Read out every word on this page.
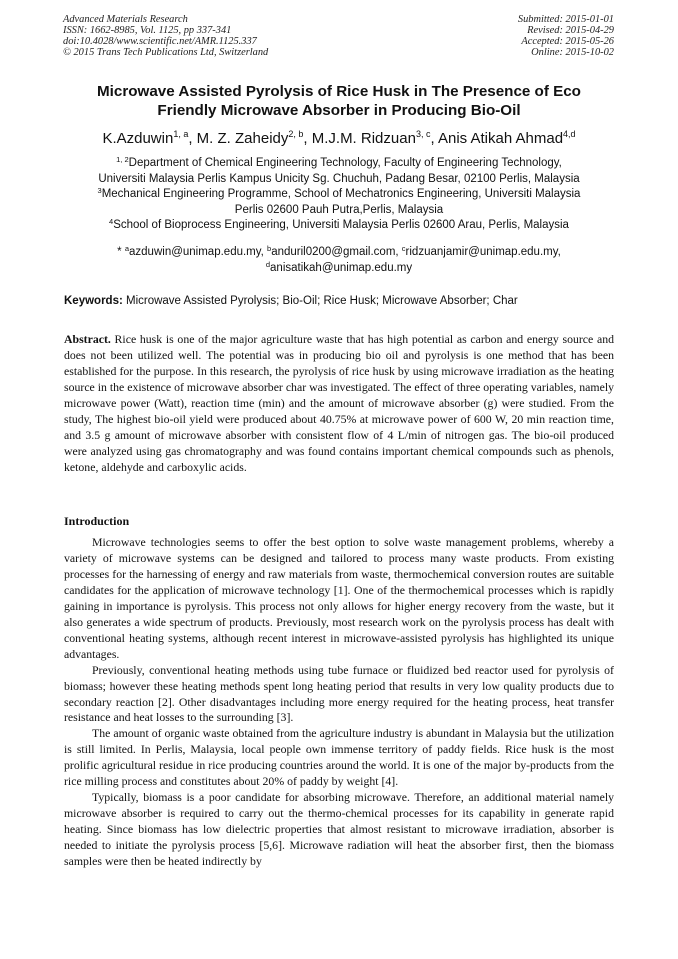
Advanced Materials Research
ISSN: 1662-8985, Vol. 1125, pp 337-341
doi:10.4028/www.scientific.net/AMR.1125.337
© 2015 Trans Tech Publications Ltd, Switzerland
Submitted: 2015-01-01
Revised: 2015-04-29
Accepted: 2015-05-26
Online: 2015-10-02
Microwave Assisted Pyrolysis of Rice Husk in The Presence of Eco
Friendly Microwave Absorber in Producing Bio-Oil
K.Azduwin$^{1, a}$, M. Z. Zaheidy$^{2, b}$, M.J.M. Ridzuan$^{3, c}$, Anis Atikah Ahmad$^{4,d}$
$^{1, 2}$Department of Chemical Engineering Technology, Faculty of Engineering Technology,
Universiti Malaysia Perlis Kampus Unicity Sg. Chuchuh, Padang Besar, 02100 Perlis, Malaysia
$^3$Mechanical Engineering Programme, School of Mechatronics Engineering, Universiti Malaysia
Perlis 02600 Pauh Putra,Perlis, Malaysia
$^4$School of Bioprocess Engineering, Universiti Malaysia Perlis 02600 Arau, Perlis, Malaysia
* $^a$azduwin@unimap.edu.my, $^b$anduril0200@gmail.com, $^c$ridzuanjamir@unimap.edu.my,
$^d$anisatikah@unimap.edu.my
Keywords: Microwave Assisted Pyrolysis; Bio-Oil; Rice Husk; Microwave Absorber; Char
Abstract. Rice husk is one of the major agriculture waste that has high potential as carbon and energy source and does not been utilized well. The potential was in producing bio oil and pyrolysis is one method that has been established for the purpose. In this research, the pyrolysis of rice husk by using microwave irradiation as the heating source in the existence of microwave absorber char was investigated. The effect of three operating variables, namely microwave power (Watt), reaction time (min) and the amount of microwave absorber (g) were studied. From the study, The highest bio-oil yield were produced about 40.75% at microwave power of 600 W, 20 min reaction time, and 3.5 g amount of microwave absorber with consistent flow of 4 L/min of nitrogen gas. The bio-oil produced were analyzed using gas chromatography and was found contains important chemical compounds such as phenols, ketone, aldehyde and carboxylic acids.
Introduction

Microwave technologies seems to offer the best option to solve waste management problems, whereby a variety of microwave systems can be designed and tailored to process many waste products. From existing processes for the harnessing of energy and raw materials from waste, thermochemical conversion routes are suitable candidates for the application of microwave technology [1]. One of the thermochemical processes which is rapidly gaining in importance is pyrolysis. This process not only allows for higher energy recovery from the waste, but it also generates a wide spectrum of products. Previously, most research work on the pyrolysis process has dealt with conventional heating systems, although recent interest in microwave-assisted pyrolysis has highlighted its unique advantages.

Previously, conventional heating methods using tube furnace or fluidized bed reactor used for pyrolysis of biomass; however these heating methods spent long heating period that results in very low quality products due to secondary reaction [2]. Other disadvantages including more energy required for the heating process, heat transfer resistance and heat losses to the surrounding [3].

The amount of organic waste obtained from the agriculture industry is abundant in Malaysia but the utilization is still limited. In Perlis, Malaysia, local people own immense territory of paddy fields. Rice husk is the most prolific agricultural residue in rice producing countries around the world. It is one of the major by-products from the rice milling process and constitutes about 20% of paddy by weight [4].

Typically, biomass is a poor candidate for absorbing microwave. Therefore, an additional material namely microwave absorber is required to carry out the thermo-chemical processes for its capability in generate rapid heating. Since biomass has low dielectric properties that almost resistant to microwave irradiation, absorber is needed to initiate the pyrolysis process [5,6]. Microwave radiation will heat the absorber first, then the biomass samples were then be heated indirectly by
